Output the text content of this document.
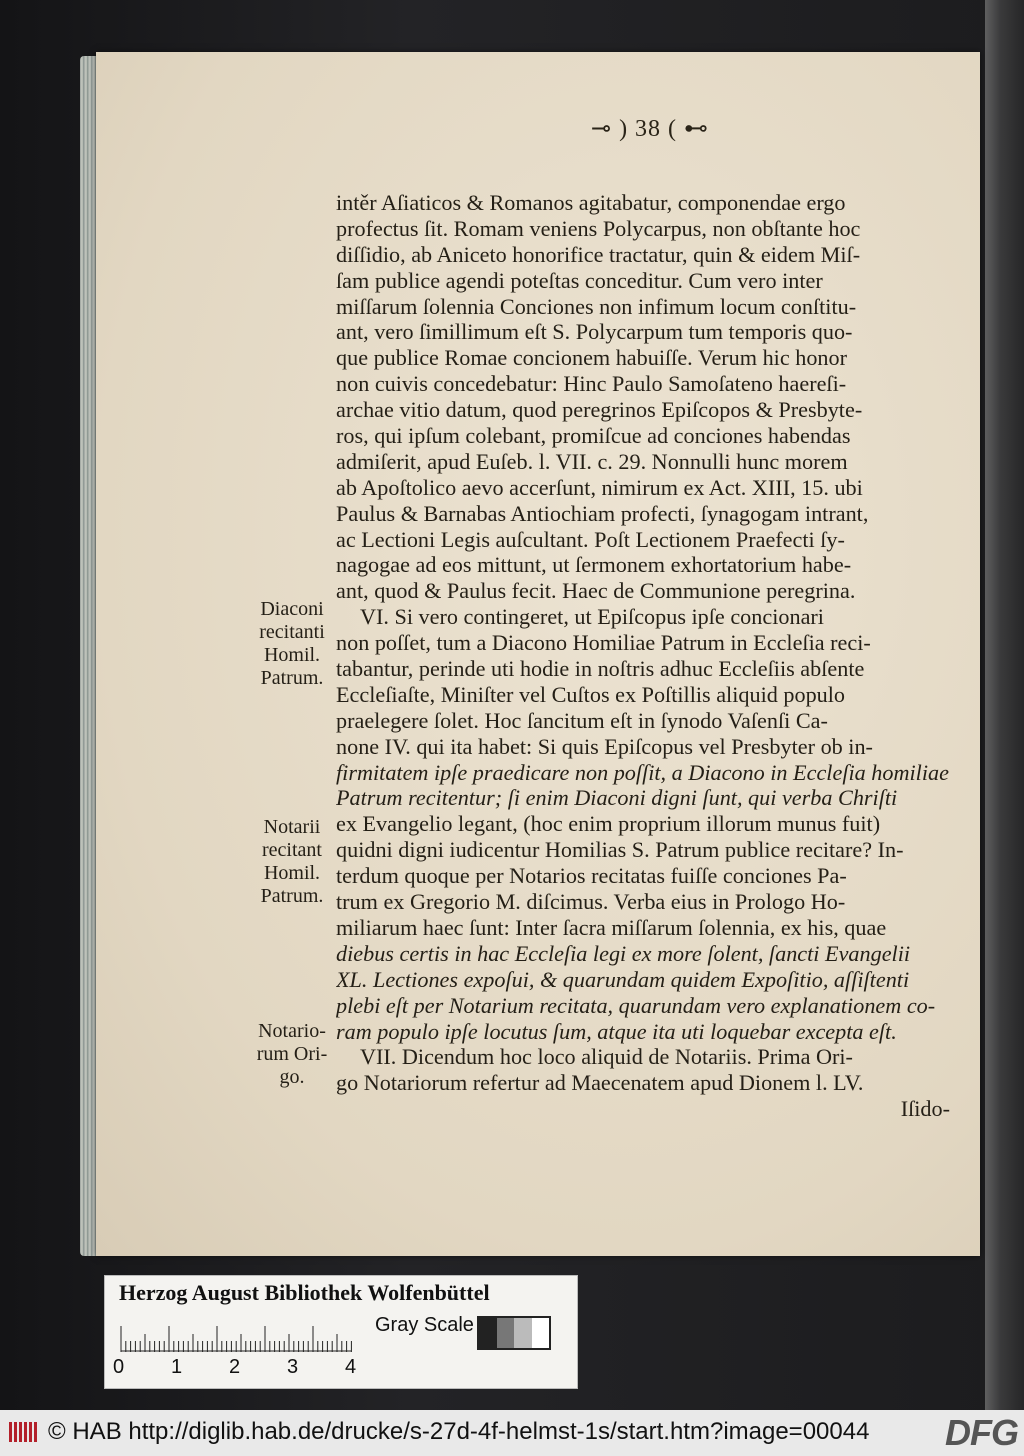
⊸ ) 38 ( ⊷
intěr Aſiaticos & Romanos agitabatur, componendae ergo
profectus ſit. Romam veniens Polycarpus, non obſtante hoc
diſſidio, ab Aniceto honorifice tractatur, quin & eidem Miſ-
ſam publice agendi poteſtas conceditur. Cum vero inter
miſſarum ſolennia Conciones non infimum locum conſtitu-
ant, vero ſimillimum eſt S. Polycarpum tum temporis quo-
que publice Romae concionem habuiſſe. Verum hic honor
non cuivis concedebatur: Hinc Paulo Samoſateno haereſi-
archae vitio datum, quod peregrinos Epiſcopos & Presbyte-
ros, qui ipſum colebant, promiſcue ad conciones habendas
admiſerit, apud Euſeb. l. VII. c. 29. Nonnulli hunc morem
ab Apoſtolico aevo accerſunt, nimirum ex Act. XIII, 15. ubi
Paulus & Barnabas Antiochiam profecti, ſynagogam intrant,
ac Lectioni Legis auſcultant. Poſt Lectionem Praefecti ſy-
nagogae ad eos mittunt, ut ſermonem exhortatorium habe-
ant, quod & Paulus fecit. Haec de Communione peregrina.
VI. Si vero contingeret, ut Epiſcopus ipſe concionari
non poſſet, tum a Diacono Homiliae Patrum in Eccleſia reci-
tabantur, perinde uti hodie in noſtris adhuc Eccleſiis abſente
Eccleſiaſte, Miniſter vel Cuſtos ex Poſtillis aliquid populo
praelegere ſolet. Hoc ſancitum eſt in ſynodo Vaſenſi Ca-
none IV. qui ita habet: Si quis Epiſcopus vel Presbyter ob in-
firmitatem ipſe praedicare non poſſit, a Diacono in Eccleſia homiliae
Patrum recitentur; ſi enim Diaconi digni ſunt, qui verba Chriſti
ex Evangelio legant, (hoc enim proprium illorum munus fuit)
quidni digni iudicentur Homilias S. Patrum publice recitare? In-
terdum quoque per Notarios recitatas fuiſſe conciones Pa-
trum ex Gregorio M. diſcimus. Verba eius in Prologo Ho-
miliarum haec ſunt: Inter ſacra miſſarum ſolennia, ex his, quae
diebus certis in hac Eccleſia legi ex more ſolent, ſancti Evangelii
XL. Lectiones expoſui, & quarundam quidem Expoſitio, aſſiſtenti
plebi eſt per Notarium recitata, quarundam vero explanationem co-
ram populo ipſe locutus ſum, atque ita uti loquebar excepta eſt.
VII. Dicendum hoc loco aliquid de Notariis. Prima Ori-
go Notariorum refertur ad Maecenatem apud Dionem l. LV.
Iſido-
Diaconi
recitanti
Homil.
Patrum.
Notarii
recitant
Homil.
Patrum.
Notario-
rum Ori-
go.
Herzog August Bibliothek Wolfenbüttel
Gray Scale
0 1 2 3 4
© HAB http://diglib.hab.de/drucke/s-27d-4f-helmst-1s/start.htm?image=00044 DFG
